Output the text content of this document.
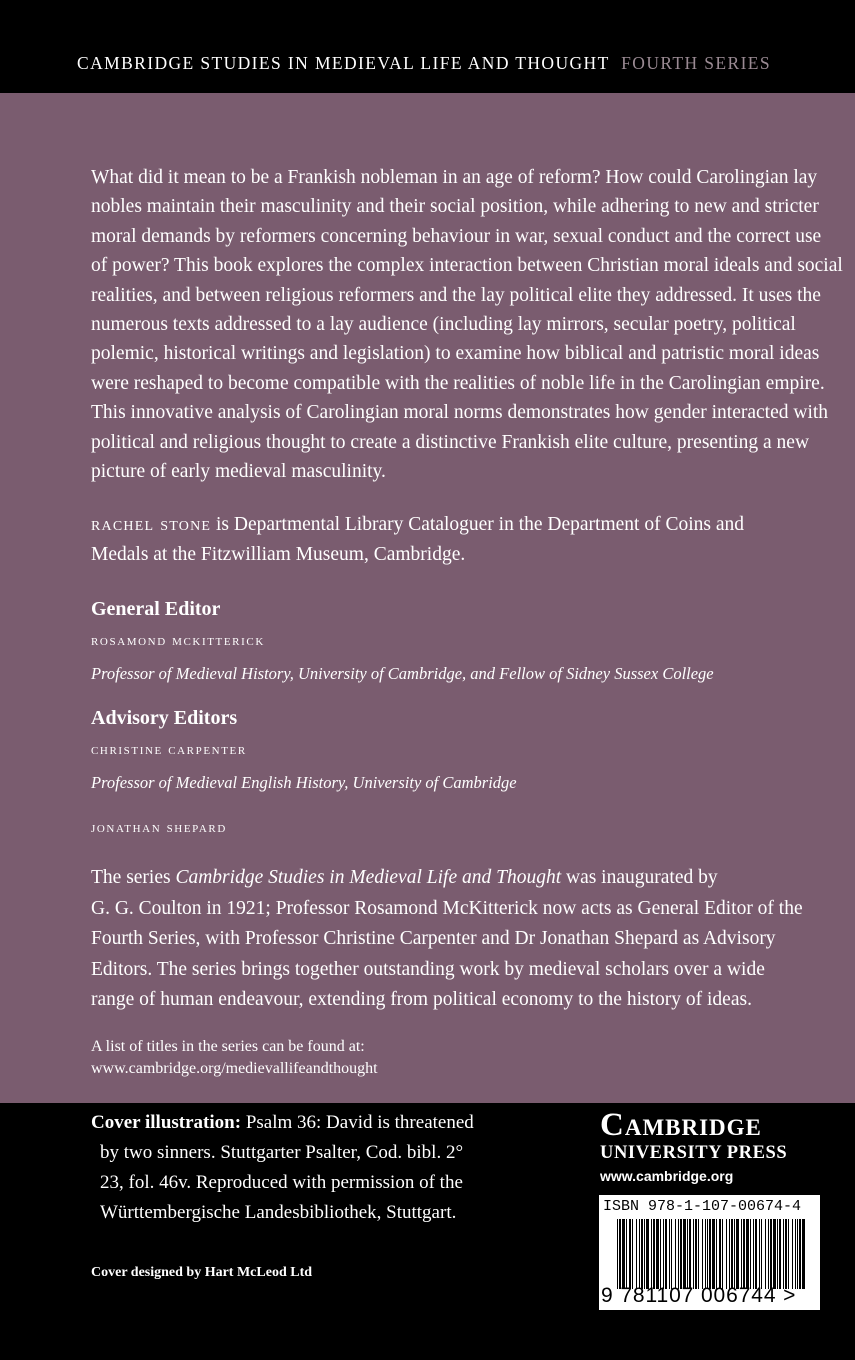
CAMBRIDGE STUDIES IN MEDIEVAL LIFE AND THOUGHT FOURTH SERIES

What did it mean to be a Frankish nobleman in an age of reform? How could Carolingian lay
nobles maintain their masculinity and their social position, while adhering to new and stricter
moral demands by reformers concerning behaviour in war, sexual conduct and the correct use
of power? This book explores the complex interaction between Christian moral ideals and social
realities, and between religious reformers and the lay political elite they addressed. It uses the
numerous texts addressed to a lay audience (including lay mirrors, secular poetry, political
polemic, historical writings and legislation) to examine how biblical and patristic moral ideas
were reshaped to become compatible with the realities of noble life in the Carolingian empire.
This innovative analysis of Carolingian moral norms demonstrates how gender interacted with
political and religious thought to create a distinctive Frankish elite culture, presenting a new
picture of early medieval masculinity.

rachel stone is Departmental Library Cataloguer in the Department of Coins and
Medals at the Fitzwilliam Museum, Cambridge.

General Editor

rosamond mckitterick

Professor of Medieval History, University of Cambridge, and Fellow of Sidney Sussex College

Advisory Editors

christine carpenter

Professor of Medieval English History, University of Cambridge

jonathan shepard

The series Cambridge Studies in Medieval Life and Thought was inaugurated by
G. G. Coulton in 1921; Professor Rosamond McKitterick now acts as General Editor of the
Fourth Series, with Professor Christine Carpenter and Dr Jonathan Shepard as Advisory
Editors. The series brings together outstanding work by medieval scholars over a wide
range of human endeavour, extending from political economy to the history of ideas.

A list of titles in the series can be found at:
www.cambridge.org/medievallifeandthought

Cover illustration: Psalm 36: David is threatened
by two sinners. Stuttgarter Psalter, Cod. bibl. 2°
23, fol. 46v. Reproduced with permission of the
Württembergische Landesbibliothek, Stuttgart.

Cover designed by Hart McLeod Ltd

Cambridge
UNIVERSITY PRESS
www.cambridge.org
ISBN 978-1-107-00674-4
9 781107 006744 >
